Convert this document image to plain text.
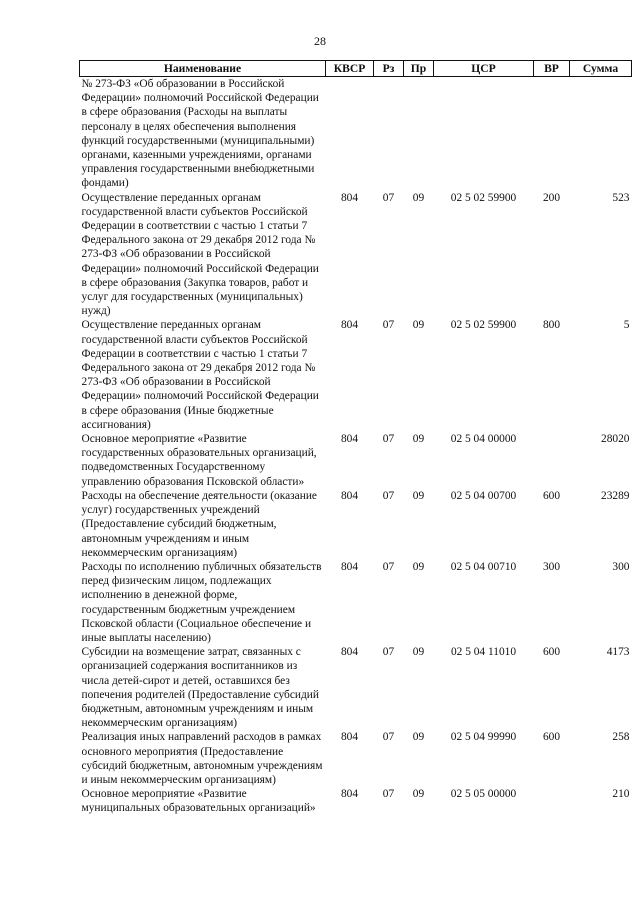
28
Наименование	КВСР	Рз	Пр	ЦСР	ВР	Сумма
№ 273-ФЗ «Об образовании в Российской Федерации» полномочий Российской Федерации в сфере образования (Расходы на выплаты персоналу в целях обеспечения выполнения функций государственными (муниципальными) органами, казенными учреждениями, органами управления государственными внебюджетными фондами)						
Осуществление переданных органам государственной власти субъектов Российской Федерации в соответствии с частью 1 статьи 7 Федерального закона от 29 декабря 2012 года № 273-ФЗ «Об образовании в Российской Федерации» полномочий Российской Федерации в сфере образования (Закупка товаров, работ и услуг для государственных (муниципальных) нужд)	804	07	09	02 5 02 59900	200	523
Осуществление переданных органам государственной власти субъектов Российской Федерации в соответствии с частью 1 статьи 7 Федерального закона от 29 декабря 2012 года № 273-ФЗ «Об образовании в Российской Федерации» полномочий Российской Федерации в сфере образования (Иные бюджетные ассигнования)	804	07	09	02 5 02 59900	800	5
Основное мероприятие «Развитие государственных образовательных организаций, подведомственных Государственному управлению образования Псковской области»	804	07	09	02 5 04 00000		28020
Расходы на обеспечение деятельности (оказание услуг) государственных учреждений (Предоставление субсидий бюджетным, автономным учреждениям и иным некоммерческим организациям)	804	07	09	02 5 04 00700	600	23289
Расходы по исполнению публичных обязательств перед физическим лицом, подлежащих исполнению в денежной форме, государственным бюджетным учреждением Псковской области (Социальное обеспечение и иные выплаты населению)	804	07	09	02 5 04 00710	300	300
Субсидии на возмещение затрат, связанных с организацией содержания воспитанников из числа детей-сирот и детей, оставшихся без попечения родителей (Предоставление субсидий бюджетным, автономным учреждениям и иным некоммерческим организациям)	804	07	09	02 5 04 11010	600	4173
Реализация иных направлений расходов в рамках основного мероприятия (Предоставление субсидий бюджетным, автономным учреждениям и иным некоммерческим организациям)	804	07	09	02 5 04 99990	600	258
Основное мероприятие «Развитие муниципальных образовательных организаций»	804	07	09	02 5 05 00000		210
